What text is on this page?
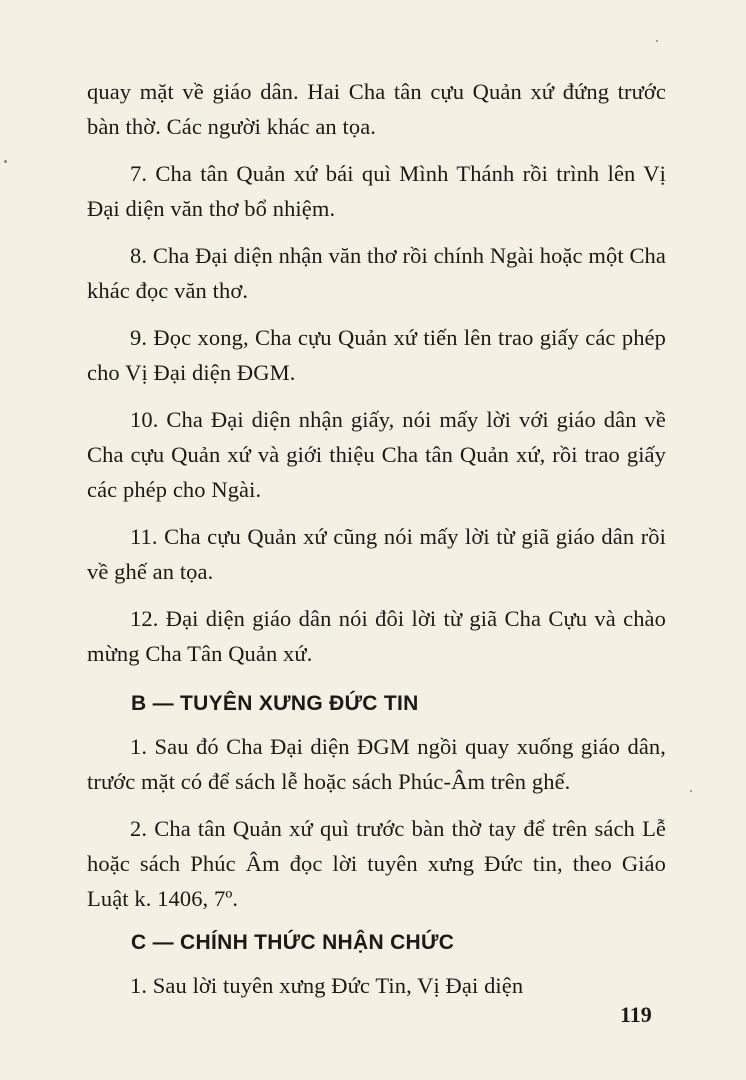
quay mặt về giáo dân. Hai Cha tân cựu Quản xứ đứng trước bàn thờ. Các người khác an tọa.

7. Cha tân Quản xứ bái quì Mình Thánh rồi trình lên Vị Đại diện văn thơ bổ nhiệm.

8. Cha Đại diện nhận văn thơ rồi chính Ngài hoặc một Cha khác đọc văn thơ.

9. Đọc xong, Cha cựu Quản xứ tiến lên trao giấy các phép cho Vị Đại diện ĐGM.

10. Cha Đại diện nhận giấy, nói mấy lời với giáo dân về Cha cựu Quản xứ và giới thiệu Cha tân Quản xứ, rồi trao giấy các phép cho Ngài.

11. Cha cựu Quản xứ cũng nói mấy lời từ giã giáo dân rồi về ghế an tọa.

12. Đại diện giáo dân nói đôi lời từ giã Cha Cựu và chào mừng Cha Tân Quản xứ.

B — TUYÊN XƯNG ĐỨC TIN

1. Sau đó Cha Đại diện ĐGM ngồi quay xuống giáo dân, trước mặt có để sách lễ hoặc sách Phúc-Âm trên ghế.

2. Cha tân Quản xứ quì trước bàn thờ tay để trên sách Lễ hoặc sách Phúc Âm đọc lời tuyên xưng Đức tin, theo Giáo Luật k. 1406, 7º.

C — CHÍNH THỨC NHẬN CHỨC

1. Sau lời tuyên xưng Đức Tin, Vị Đại diện

119
